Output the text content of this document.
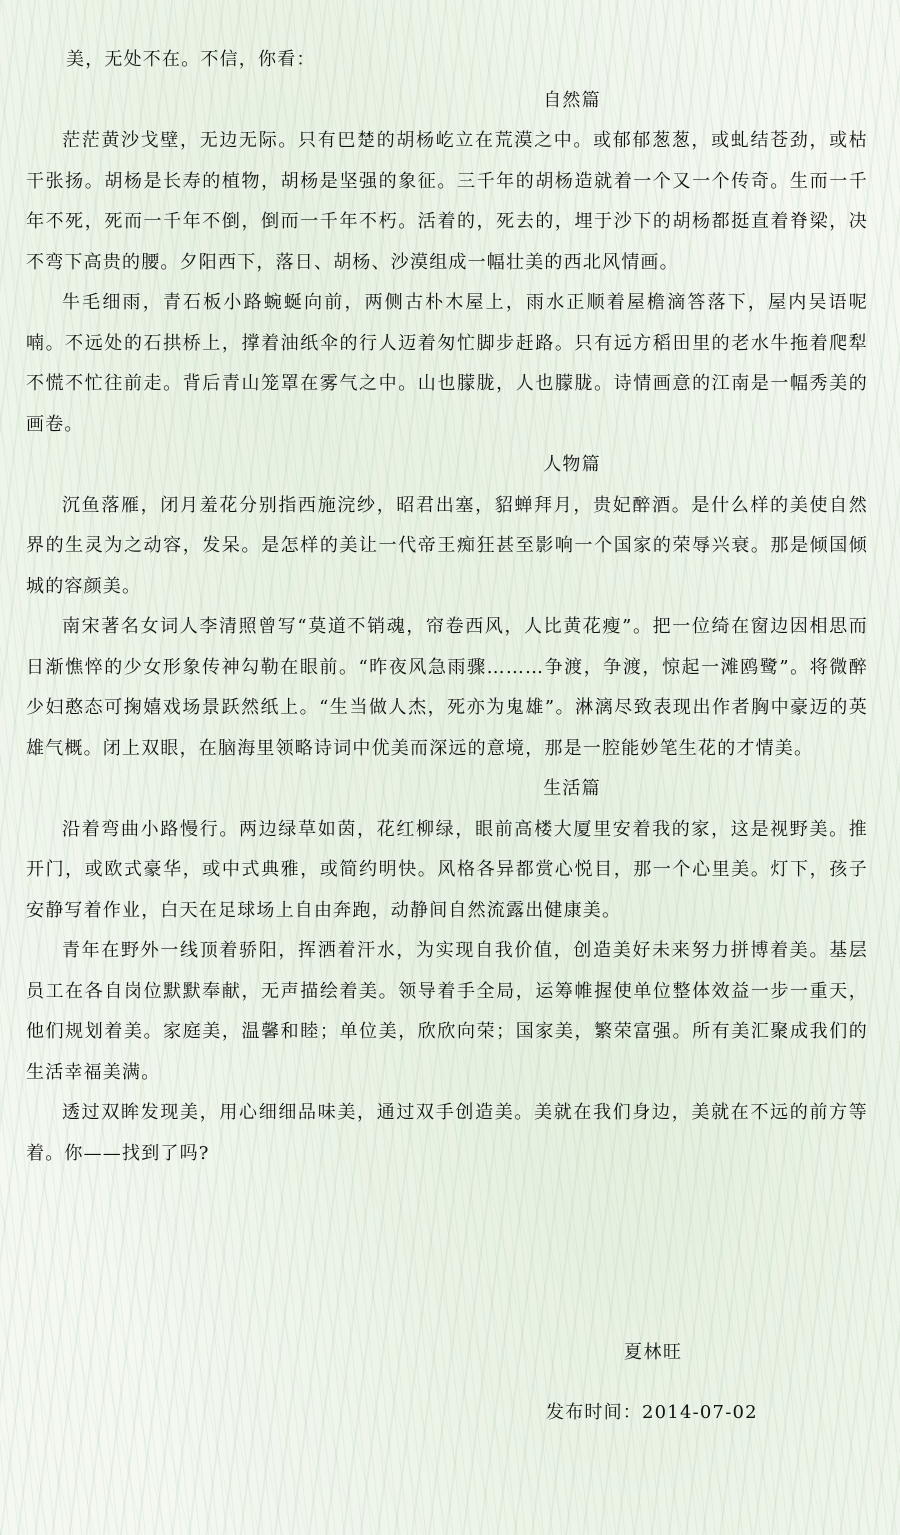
美，无处不在。不信，你看：

自然篇

茫茫黄沙戈壁，无边无际。只有巴楚的胡杨屹立在荒漠之中。或郁郁葱葱，或虬结苍劲，或枯干张扬。胡杨是长寿的植物，胡杨是坚强的象征。三千年的胡杨造就着一个又一个传奇。生而一千年不死，死而一千年不倒，倒而一千年不朽。活着的，死去的，埋于沙下的胡杨都挺直着脊梁，决不弯下高贵的腰。夕阳西下，落日、胡杨、沙漠组成一幅壮美的西北风情画。

牛毛细雨，青石板小路蜿蜒向前，两侧古朴木屋上，雨水正顺着屋檐滴答落下，屋内吴语呢喃。不远处的石拱桥上，撑着油纸伞的行人迈着匆忙脚步赶路。只有远方稻田里的老水牛拖着爬犁不慌不忙往前走。背后青山笼罩在雾气之中。山也朦胧，人也朦胧。诗情画意的江南是一幅秀美的画卷。

人物篇

沉鱼落雁，闭月羞花分别指西施浣纱，昭君出塞，貂蝉拜月，贵妃醉酒。是什么样的美使自然界的生灵为之动容，发呆。是怎样的美让一代帝王痴狂甚至影响一个国家的荣辱兴衰。那是倾国倾城的容颜美。

南宋著名女词人李清照曾写“莫道不销魂，帘卷西风，人比黄花瘦”。把一位绮在窗边因相思而日渐憔悴的少女形象传神勾勒在眼前。“昨夜风急雨骤………争渡，争渡，惊起一滩鸥鹭”。将微醉少妇憨态可掬嬉戏场景跃然纸上。“生当做人杰，死亦为鬼雄”。淋漓尽致表现出作者胸中豪迈的英雄气概。闭上双眼，在脑海里领略诗词中优美而深远的意境，那是一腔能妙笔生花的才情美。

生活篇

沿着弯曲小路慢行。两边绿草如茵，花红柳绿，眼前高楼大厦里安着我的家，这是视野美。推开门，或欧式豪华，或中式典雅，或简约明快。风格各异都赏心悦目，那一个心里美。灯下，孩子安静写着作业，白天在足球场上自由奔跑，动静间自然流露出健康美。

青年在野外一线顶着骄阳，挥洒着汗水，为实现自我价值，创造美好未来努力拼博着美。基层员工在各自岗位默默奉献，无声描绘着美。领导着手全局，运筹帷握使单位整体效益一步一重天，他们规划着美。家庭美，温馨和睦；单位美，欣欣向荣；国家美，繁荣富强。所有美汇聚成我们的生活幸福美满。

透过双眸发现美，用心细细品味美，通过双手创造美。美就在我们身边，美就在不远的前方等着。你——找到了吗?

夏林旺
发布时间：2014-07-02
